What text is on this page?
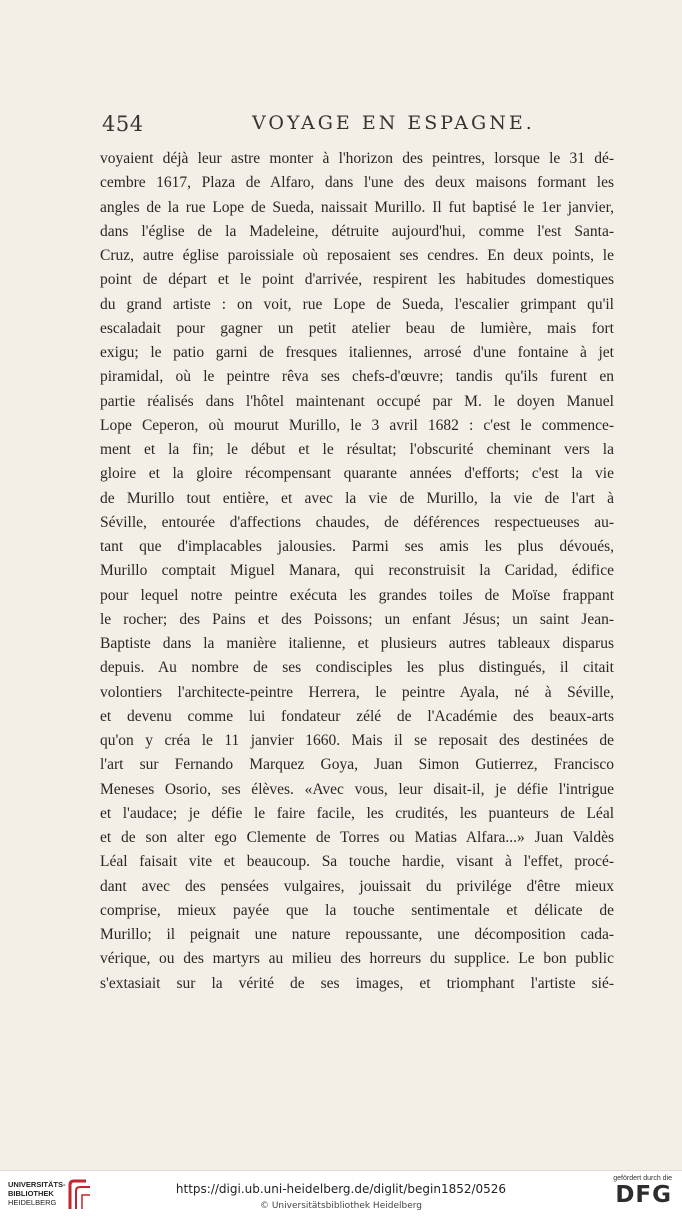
454	VOYAGE EN ESPAGNE.
voyaient déjà leur astre monter à l'horizon des peintres, lorsque le 31 dé-
cembre 1617, Plaza de Alfaro, dans l'une des deux maisons formant les
angles de la rue Lope de Sueda, naissait Murillo. Il fut baptisé le 1er janvier,
dans l'église de la Madeleine, détruite aujourd'hui, comme l'est Santa-
Cruz, autre église paroissiale où reposaient ses cendres. En deux points, le
point de départ et le point d'arrivée, respirent les habitudes domestiques
du grand artiste : on voit, rue Lope de Sueda, l'escalier grimpant qu'il
escaladait pour gagner un petit atelier beau de lumière, mais fort
exigu; le patio garni de fresques italiennes, arrosé d'une fontaine à jet
piramidal, où le peintre rêva ses chefs-d'œuvre; tandis qu'ils furent en
partie réalisés dans l'hôtel maintenant occupé par M. le doyen Manuel
Lope Ceperon, où mourut Murillo, le 3 avril 1682 : c'est le commence-
ment et la fin; le début et le résultat; l'obscurité cheminant vers la
gloire et la gloire récompensant quarante années d'efforts; c'est la vie
de Murillo tout entière, et avec la vie de Murillo, la vie de l'art à
Séville, entourée d'affections chaudes, de déférences respectueuses au-
tant que d'implacables jalousies. Parmi ses amis les plus dévoués,
Murillo comptait Miguel Manara, qui reconstruisit la Caridad, édifice
pour lequel notre peintre exécuta les grandes toiles de Moïse frappant
le rocher; des Pains et des Poissons; un enfant Jésus; un saint Jean-
Baptiste dans la manière italienne, et plusieurs autres tableaux disparus
depuis. Au nombre de ses condisciples les plus distingués, il citait
volontiers l'architecte-peintre Herrera, le peintre Ayala, né à Séville,
et devenu comme lui fondateur zélé de l'Académie des beaux-arts
qu'on y créa le 11 janvier 1660. Mais il se reposait des destinées de
l'art sur Fernando Marquez Goya, Juan Simon Gutierrez, Francisco
Meneses Osorio, ses élèves. «Avec vous, leur disait-il, je défie l'intrigue
et l'audace; je défie le faire facile, les crudités, les puanteurs de Léal
et de son alter ego Clemente de Torres ou Matias Alfara...» Juan Valdès
Léal faisait vite et beaucoup. Sa touche hardie, visant à l'effet, procé-
dant avec des pensées vulgaires, jouissait du privilége d'être mieux
comprise, mieux payée que la touche sentimentale et délicate de
Murillo; il peignait une nature repoussante, une décomposition cada-
vérique, ou des martyrs au milieu des horreurs du supplice. Le bon public
s'extasiait sur la vérité de ses images, et triomphant l'artiste sié-
UNIVERSITÄTS-
BIBLIOTHEK
HEIDELBERG
https://digi.ub.uni-heidelberg.de/diglit/begin1852/0526
© Universitätsbibliothek Heidelberg
gefördert durch die
DFG
